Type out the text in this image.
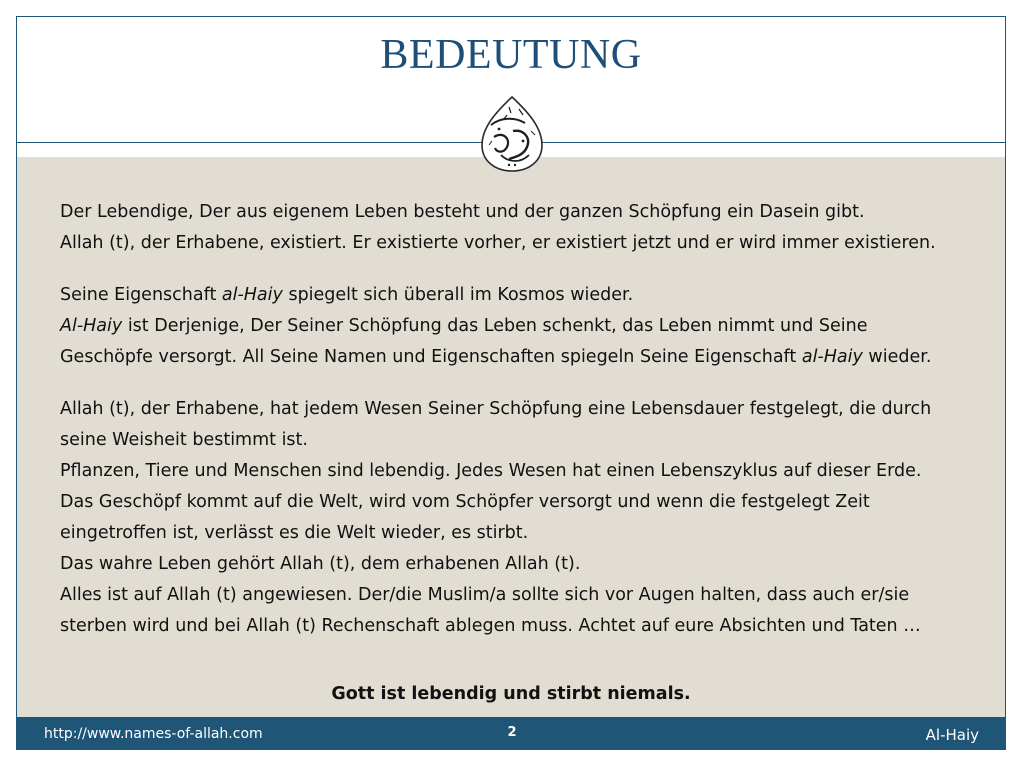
BEDEUTUNG

Der Lebendige, Der aus eigenem Leben besteht und der ganzen Schöpfung ein Dasein gibt.
Allah (t), der Erhabene, existiert. Er existierte vorher, er existiert jetzt und er wird immer existieren.

Seine Eigenschaft al-Haiy spiegelt sich überall im Kosmos wieder.
Al-Haiy ist Derjenige, Der Seiner Schöpfung das Leben schenkt, das Leben nimmt und Seine
Geschöpfe versorgt. All Seine Namen und Eigenschaften spiegeln Seine Eigenschaft al-Haiy wieder.

Allah (t), der Erhabene, hat jedem Wesen Seiner Schöpfung eine Lebensdauer festgelegt, die durch
seine Weisheit bestimmt ist.
Pflanzen, Tiere und Menschen sind lebendig. Jedes Wesen hat einen Lebenszyklus auf dieser Erde.
Das Geschöpf kommt auf die Welt, wird vom Schöpfer versorgt und wenn die festgelegt Zeit
eingetroffen ist, verlässt es die Welt wieder, es stirbt.
Das wahre Leben gehört Allah (t), dem erhabenen Allah (t).
Alles ist auf Allah (t) angewiesen. Der/die Muslim/a sollte sich vor Augen halten, dass auch er/sie
sterben wird und bei Allah (t) Rechenschaft ablegen muss. Achtet auf eure Absichten und Taten …

Gott ist lebendig und stirbt niemals.
http://www.names-of-allah.com	2	Al-Haiy
